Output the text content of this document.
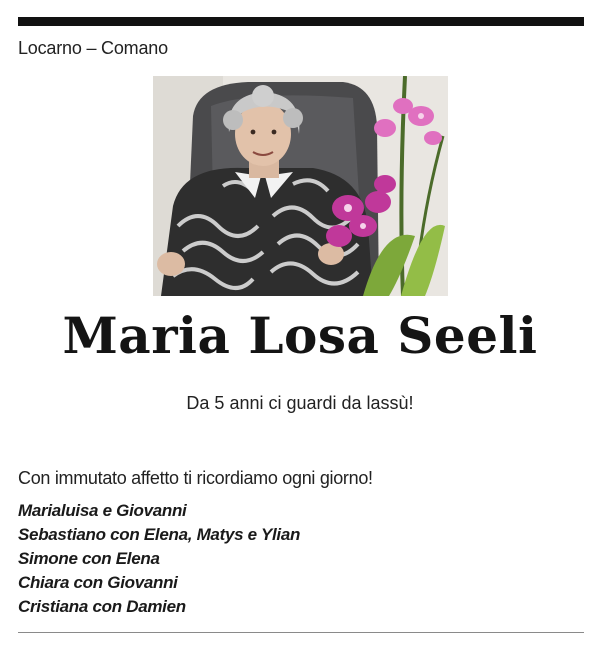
Locarno – Comano
Maria Losa Seeli
Da 5 anni ci guardi da lassù!
Con immutato affetto ti ricordiamo ogni giorno!
Marialuisa e Giovanni
Sebastiano con Elena, Matys e Ylian
Simone con Elena
Chiara con Giovanni
Cristiana con Damien
